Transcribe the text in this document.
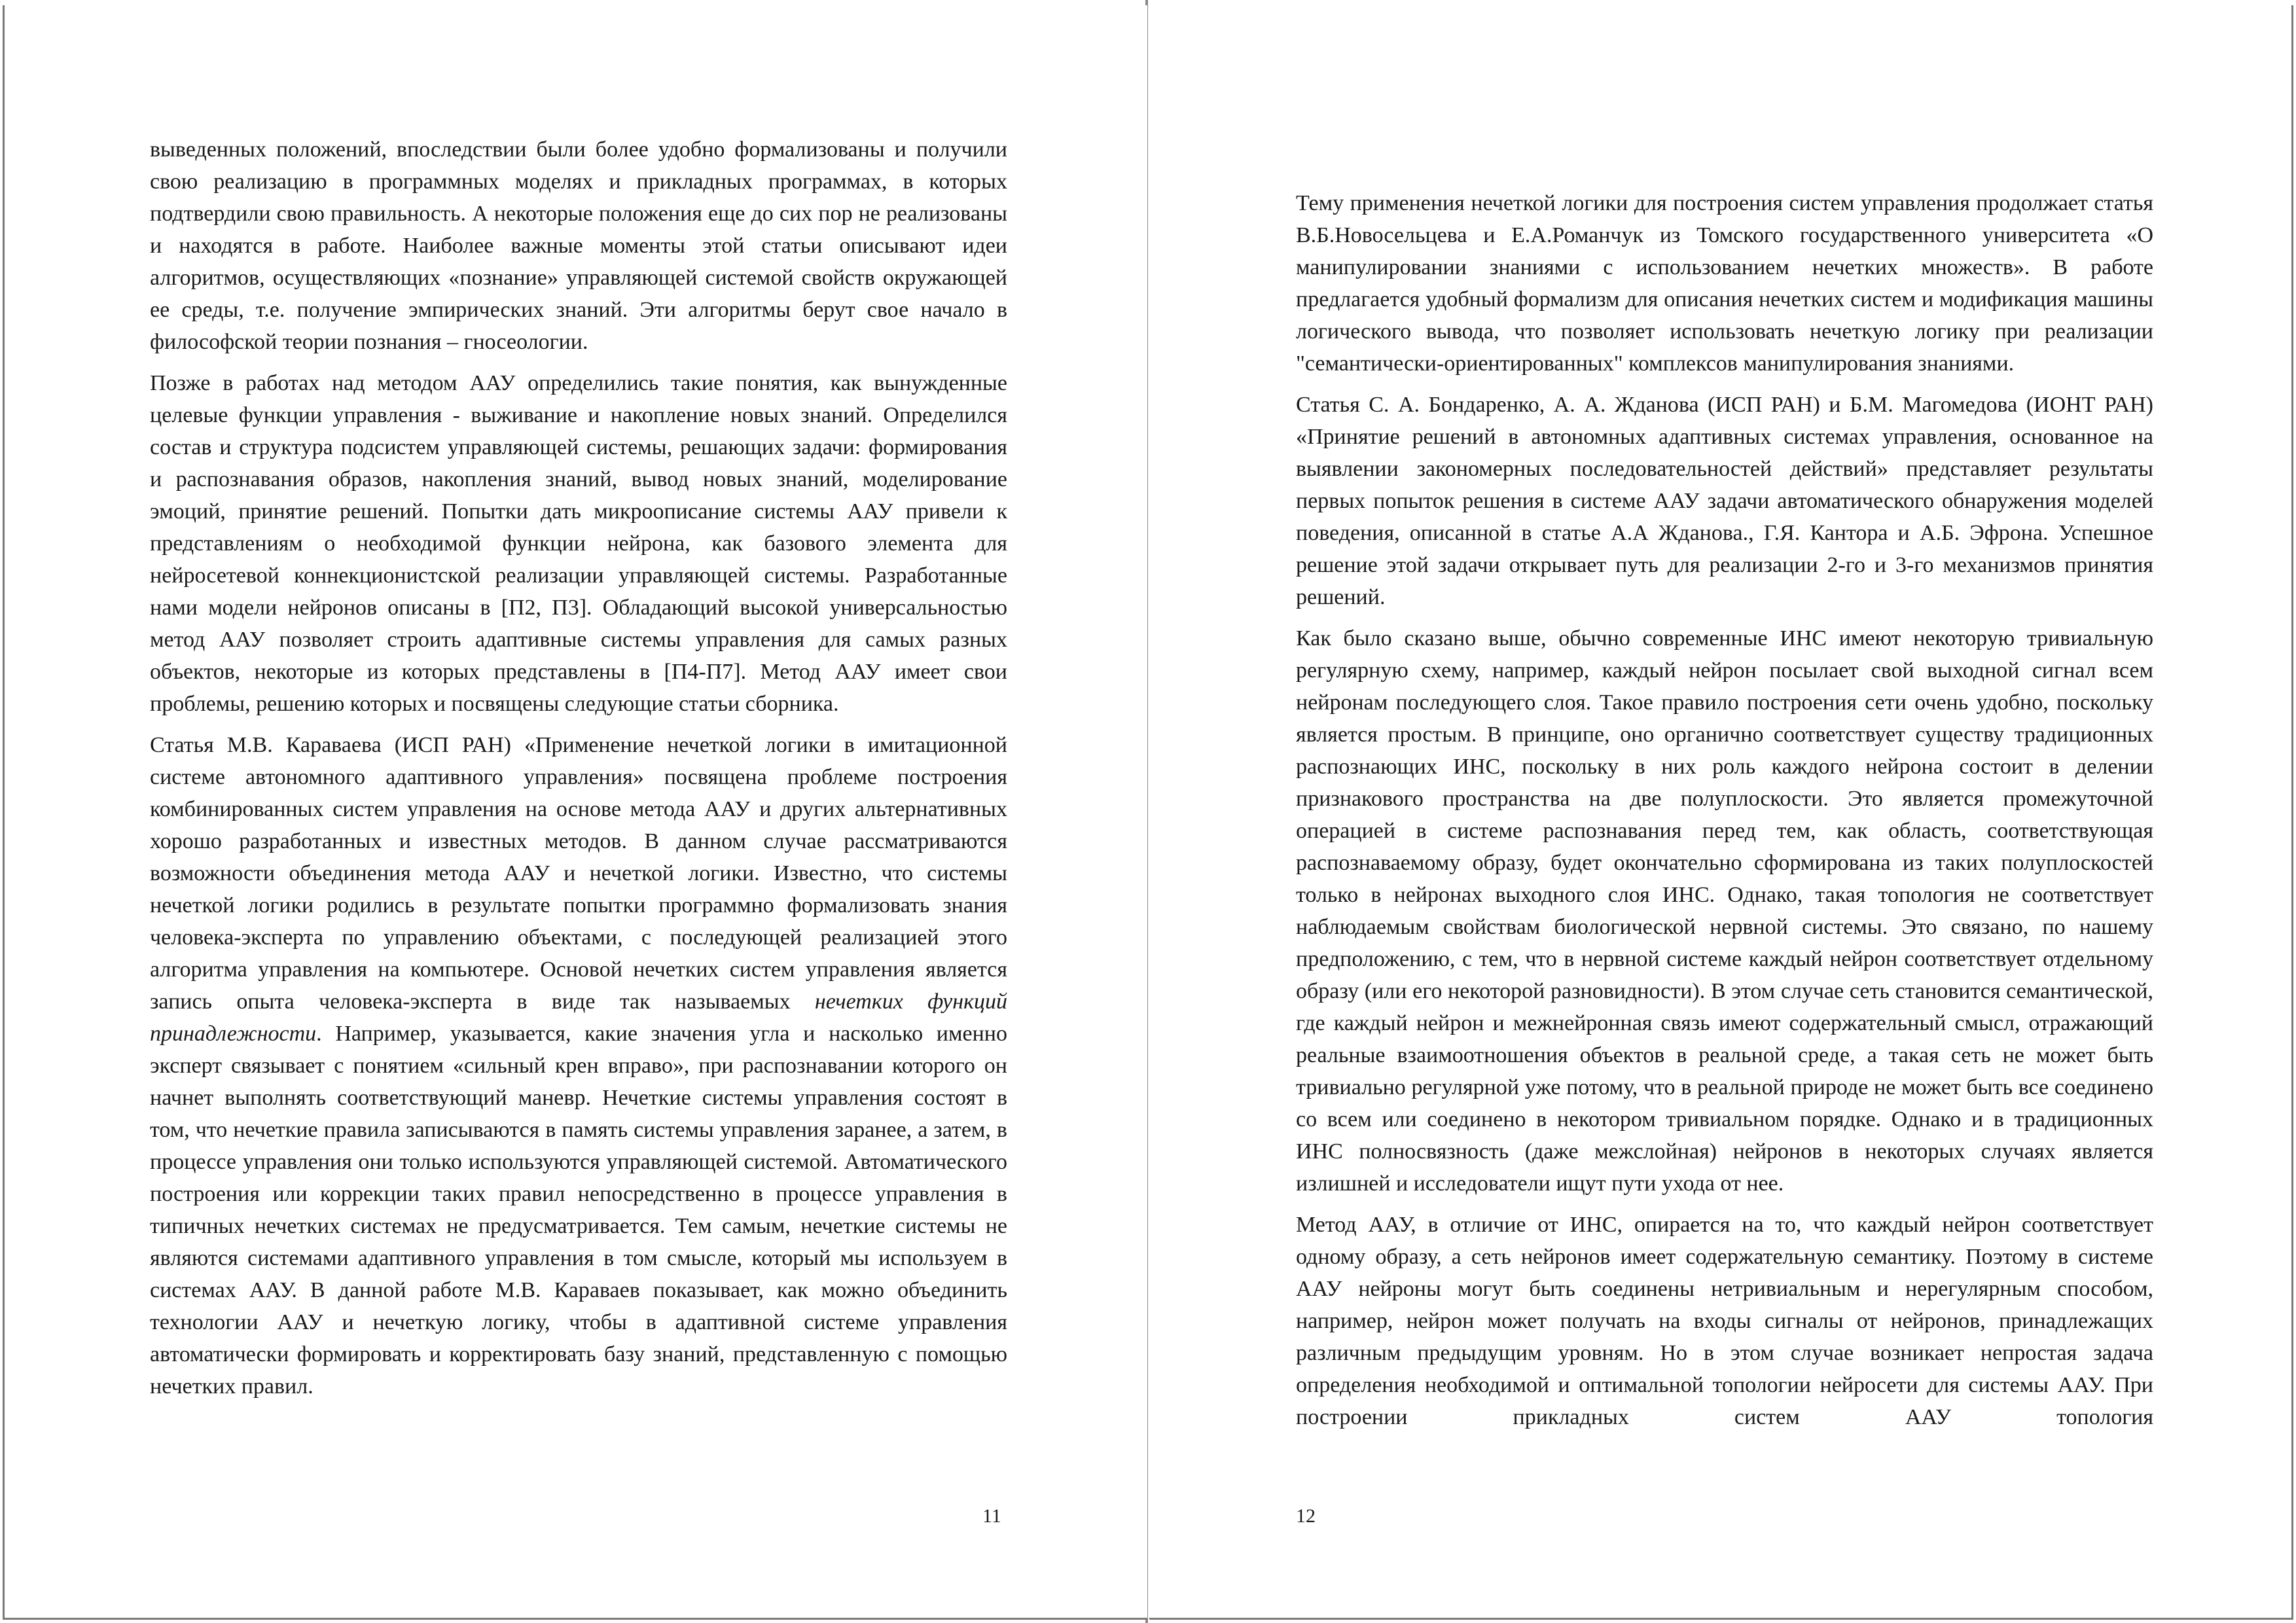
выведенных положений, впоследствии были более удобно формализованы и получили свою реализацию в программных моделях и прикладных программах, в которых подтвердили свою правильность. А некоторые положения еще до сих пор не реализованы и находятся в работе. Наиболее важные моменты этой статьи описывают идеи алгоритмов, осуществляющих «познание» управляющей системой свойств окружающей ее среды, т.е. получение эмпирических знаний. Эти алгоритмы берут свое начало в философской теории познания – гносеологии.

Позже в работах над методом ААУ определились такие понятия, как вынужденные целевые функции управления - выживание и накопление новых знаний. Определился состав и структура подсистем управляющей системы, решающих задачи: формирования и распознавания образов, накопления знаний, вывод новых знаний, моделирование эмоций, принятие решений. Попытки дать микроописание системы ААУ привели к представлениям о необходимой функции нейрона, как базового элемента для нейросетевой коннекционистской реализации управляющей системы. Разработанные нами модели нейронов описаны в [П2, П3]. Обладающий высокой универсальностью метод ААУ позволяет строить адаптивные системы управления для самых разных объектов, некоторые из которых представлены в [П4-П7]. Метод ААУ имеет свои проблемы, решению которых и посвящены следующие статьи сборника.

Статья М.В. Караваева (ИСП РАН) «Применение нечеткой логики в имитационной системе автономного адаптивного управления» посвящена проблеме построения комбинированных систем управления на основе метода ААУ и других альтернативных хорошо разработанных и известных методов. В данном случае рассматриваются возможности объединения метода ААУ и нечеткой логики. Известно, что системы нечеткой логики родились в результате попытки программно формализовать знания человека-эксперта по управлению объектами, с последующей реализацией этого алгоритма управления на компьютере. Основой нечетких систем управления является запись опыта человека-эксперта в виде так называемых нечетких функций принадлежности. Например, указывается, какие значения угла и насколько именно эксперт связывает с понятием «сильный крен вправо», при распознавании которого он начнет выполнять соответствующий маневр. Нечеткие системы управления состоят в том, что нечеткие правила записываются в память системы управления заранее, а затем, в процессе управления они только используются управляющей системой. Автоматического построения или коррекции таких правил непосредственно в процессе управления в типичных нечетких системах не предусматривается. Тем самым, нечеткие системы не являются системами адаптивного управления в том смысле, который мы используем в системах ААУ. В данной работе М.В. Караваев показывает, как можно объединить технологии ААУ и нечеткую логику, чтобы в адаптивной системе управления автоматически формировать и корректировать базу знаний, представленную с помощью нечетких правил.

11

Тему применения нечеткой логики для построения систем управления продолжает статья В.Б.Новосельцева и Е.А.Романчук из Томского государственного университета «О манипулировании знаниями с использованием нечетких множеств». В работе предлагается удобный формализм для описания нечетких систем и модификация машины логического вывода, что позволяет использовать нечеткую логику при реализации "семантически-ориентированных" комплексов манипулирования знаниями.

Статья С. А. Бондаренко, А. А. Жданова (ИСП РАН) и Б.М. Магомедова (ИОНТ РАН) «Принятие решений в автономных адаптивных системах управления, основанное на выявлении закономерных последовательностей действий» представляет результаты первых попыток решения в системе ААУ задачи автоматического обнаружения моделей поведения, описанной в статье А.А Жданова., Г.Я. Кантора и А.Б. Эфрона. Успешное решение этой задачи открывает путь для реализации 2-го и 3-го механизмов принятия решений.

Как было сказано выше, обычно современные ИНС имеют некоторую тривиальную регулярную схему, например, каждый нейрон посылает свой выходной сигнал всем нейронам последующего слоя. Такое правило построения сети очень удобно, поскольку является простым. В принципе, оно органично соответствует существу традиционных распознающих ИНС, поскольку в них роль каждого нейрона состоит в делении признакового пространства на две полуплоскости. Это является промежуточной операцией в системе распознавания перед тем, как область, соответствующая распознаваемому образу, будет окончательно сформирована из таких полуплоскостей только в нейронах выходного слоя ИНС. Однако, такая топология не соответствует наблюдаемым свойствам биологической нервной системы. Это связано, по нашему предположению, с тем, что в нервной системе каждый нейрон соответствует отдельному образу (или его некоторой разновидности). В этом случае сеть становится семантической, где каждый нейрон и межнейронная связь имеют содержательный смысл, отражающий реальные взаимоотношения объектов в реальной среде, а такая сеть не может быть тривиально регулярной уже потому, что в реальной природе не может быть все соединено со всем или соединено в некотором тривиальном порядке. Однако и в традиционных ИНС полносвязность (даже межслойная) нейронов в некоторых случаях является излишней и исследователи ищут пути ухода от нее.

Метод ААУ, в отличие от ИНС, опирается на то, что каждый нейрон соответствует одному образу, а сеть нейронов имеет содержательную семантику. Поэтому в системе ААУ нейроны могут быть соединены нетривиальным и нерегулярным способом, например, нейрон может получать на входы сигналы от нейронов, принадлежащих различным предыдущим уровням. Но в этом случае возникает непростая задача определения необходимой и оптимальной топологии нейросети для системы ААУ. При построении прикладных систем ААУ топология

12
